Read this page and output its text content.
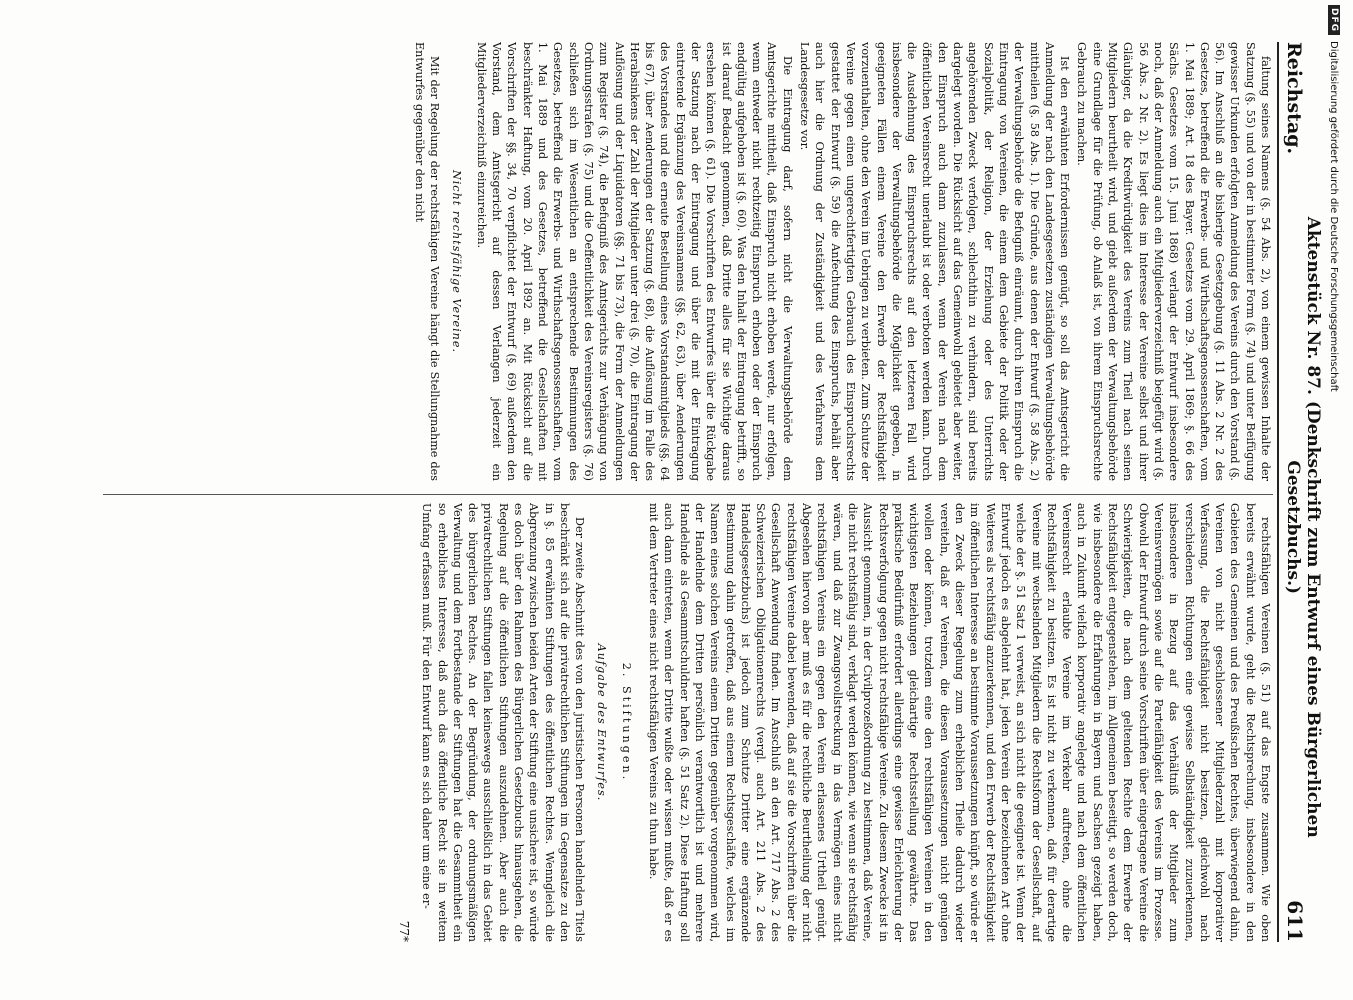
Reichstag.
Aktenstück Nr. 87. (Denkschrift zum Entwurf eines Bürgerlichen Gesetzbuchs.)
611

faltung seines Namens (§. 54 Abs. 2), von einem gewissen Inhalte der Satzung (§. 55) und von der in bestimmter Form (§. 74) und unter Beifügung gewisser Urkunden erfolgten Anmeldung des Vereins durch den Vorstand (§. 56). Im Anschluß an die bisherige Gesetzgebung (§. 11 Abs. 2 Nr. 2 des Gesetzes, betreffend die Erwerbs- und Wirthschaftsgenossenschaften, vom 1. Mai 1889; Art. 18 des Bayer. Gesetzes vom 29. April 1869; §. 66 des Sächs. Gesetzes vom 15. Juni 1868) verlangt der Entwurf insbesondere noch, daß der Anmeldung auch ein Mitgliederverzeichniß beigefügt wird (§. 56 Abs. 2 Nr. 2). Es liegt dies im Interesse der Vereine selbst und ihrer Gläubiger, da die Kreditwürdigkeit des Vereins zum Theil nach seinen Mitgliedern beurtheilt wird, und giebt außerdem der Verwaltungsbehörde eine Grundlage für die Prüfung, ob Anlaß ist, von ihrem Einspruchsrechte Gebrauch zu machen.

Ist den erwähnten Erfordernissen genügt, so soll das Amtsgericht die Anmeldung der nach den Landesgesetzen zuständigen Verwaltungsbehörde mittheilen (§. 58 Abs. 1). Die Gründe, aus denen der Entwurf (§. 58 Abs. 2) der Verwaltungsbehörde die Befugniß einräumt, durch ihren Einspruch die Eintragung von Vereinen, die einem dem Gebiete der Politik oder der Sozialpolitik, der Religion, der Erziehung oder des Unterrichts angehörenden Zweck verfolgen, schlechthin zu verhindern, sind bereits dargelegt worden. Die Rücksicht auf das Gemeinwohl gebietet aber weiter, den Einspruch auch dann zuzulassen, wenn der Verein nach dem öffentlichen Vereinsrecht unerlaubt ist oder verboten werden kann. Durch die Ausdehnung des Einspruchsrechts auf den letzteren Fall wird insbesondere der Verwaltungsbehörde die Möglichkeit gegeben, in geeigneten Fällen einem Vereine den Erwerb der Rechtsfähigkeit vorzuenthalten, ohne den Verein im Uebrigen zu verbieten. Zum Schutze der Vereine gegen einen ungerechtfertigten Gebrauch des Einspruchsrechts gestattet der Entwurf (§. 59) die Anfechtung des Einspruchs, behält aber auch hier die Ordnung der Zuständigkeit und des Verfahrens dem Landesgesetze vor.

Die Eintragung darf, sofern nicht die Verwaltungsbehörde dem Amtsgerichte mittheilt, daß Einspruch nicht erhoben werde, nur erfolgen, wenn entweder nicht rechtzeitig Einspruch erhoben oder der Einspruch endgültig aufgehoben ist (§. 60). Was den Inhalt der Eintragung betrifft, so ist darauf Bedacht genommen, daß Dritte alles für sie Wichtige daraus ersehen können (§. 61). Die Vorschriften des Entwurfes über die Rückgabe der Satzung nach der Eintragung und über die mit der Eintragung eintretende Ergänzung des Vereinsnamens (§§. 62, 63), über Aenderungen des Vorstandes und die erneute Bestellung eines Vorstandsmitglieds (§§. 64 bis 67), über Aenderungen der Satzung (§. 68), die Auflösung im Falle des Herabsinkens der Zahl der Mitglieder unter drei (§. 70), die Eintragung der Auflösung und der Liquidatoren (§§. 71 bis 73), die Form der Anmeldungen zum Register (§. 74), die Befugniß des Amtsgerichts zur Verhängung von Ordnungsstrafen (§. 75) und die Oeffentlichkeit des Vereinsregisters (§. 76) schließen sich im Wesentlichen an entsprechende Bestimmungen des Gesetzes, betreffend die Erwerbs- und Wirthschaftsgenossenschaften, vom 1. Mai 1889 und des Gesetzes, betreffend die Gesellschaften mit beschränkter Haftung, vom 20. April 1892 an. Mit Rücksicht auf die Vorschriften der §§. 34, 70 verpflichtet der Entwurf (§. 69) außerdem den Vorstand, dem Amtsgericht auf dessen Verlangen jederzeit ein Mitgliederverzeichniß einzureichen.

Nicht rechtsfähige Vereine.

Mit der Regelung der rechtsfähigen Vereine hängt die Stellungnahme des Entwurfes gegenüber den nicht

rechtsfähigen Vereinen (§. 51) auf das Engste zusammen. Wie oben bereits erwähnt wurde, geht die Rechtsprechung, insbesondere in den Gebieten des Gemeinen und des Preußischen Rechtes, überwiegend dahin, Vereinen von nicht geschlossener Mitgliederzahl mit korporativer Verfassung, die Rechtsfähigkeit nicht besitzen, gleichwohl nach verschiedenen Richtungen eine gewisse Selbständigkeit zuzuerkennen, insbesondere in Bezug auf das Verhältniß der Mitglieder zum Vereinsvermögen sowie auf die Parteifähigkeit des Vereins im Prozesse. Obwohl der Entwurf durch seine Vorschriften über eingetragene Vereine die Schwierigkeiten, die nach dem geltenden Rechte dem Erwerbe der Rechtsfähigkeit entgegenstehen, im Allgemeinen beseitigt, so werden doch, wie insbesondere die Erfahrungen in Bayern und Sachsen gezeigt haben, auch in Zukunft vielfach korporativ angelegte und nach dem öffentlichen Vereinsrecht erlaubte Vereine im Verkehr auftreten, ohne die Rechtsfähigkeit zu besitzen. Es ist nicht zu verkennen, daß für derartige Vereine mit wechselnden Mitgliedern die Rechtsform der Gesellschaft, auf welche der §. 51 Satz 1 verweist, an sich nicht die geeignete ist. Wenn der Entwurf jedoch es abgelehnt hat, jeden Verein der bezeichneten Art ohne Weiteres als rechtsfähig anzuerkennen, und den Erwerb der Rechtsfähigkeit im öffentlichen Interesse an bestimmte Voraussetzungen knüpft, so würde er den Zweck dieser Regelung zum erheblichen Theile dadurch wieder vereiteln, daß er Vereinen, die diesen Voraussetzungen nicht genügen wollen oder können, trotzdem eine den rechtsfähigen Vereinen in den wichtigsten Beziehungen gleichartige Rechtsstellung gewährte. Das praktische Bedürfniß erfordert allerdings eine gewisse Erleichterung der Rechtsverfolgung gegen nicht rechtsfähige Vereine. Zu diesem Zwecke ist in Aussicht genommen, in der Civilprozeßordnung zu bestimmen, daß Vereine, die nicht rechtsfähig sind, verklagt werden können, wie wenn sie rechtsfähig wären, und daß zur Zwangsvollstreckung in das Vermögen eines nicht rechtsfähigen Vereins ein gegen den Verein erlassenes Urtheil genügt. Abgesehen hiervon aber muß es für die rechtliche Beurtheilung der nicht rechtsfähigen Vereine dabei bewenden, daß auf sie die Vorschriften über die Gesellschaft Anwendung finden. Im Anschluß an den Art. 717 Abs. 2 des Schweizerischen Obligationenrechts (vergl. auch Art. 211 Abs. 2 des Handelsgesetzbuchs) ist jedoch zum Schutze Dritter eine ergänzende Bestimmung dahin getroffen, daß aus einem Rechtsgeschäfte, welches im Namen eines solchen Vereins einem Dritten gegenüber vorgenommen wird, der Handelnde dem Dritten persönlich verantwortlich ist und mehrere Handelnde als Gesammtschuldner haften (§. 51 Satz 2). Diese Haftung soll auch dann eintreten, wenn der Dritte wußte oder wissen mußte, daß er es mit dem Vertreter eines nicht rechtsfähigen Vereins zu thun habe.

2. Stiftungen.

Aufgabe des Entwurfes.

Der zweite Abschnitt des von den juristischen Personen handelnden Titels beschränkt sich auf die privatrechtlichen Stiftungen im Gegensatze zu den in §. 85 erwähnten Stiftungen des öffentlichen Rechtes. Wenngleich die Abgrenzung zwischen beiden Arten der Stiftung eine unsichere ist, so würde es doch über den Rahmen des Bürgerlichen Gesetzbuchs hinausgehen, die Regelung auf die öffentlichen Stiftungen auszudehnen. Aber auch die privatrechtlichen Stiftungen fallen keineswegs ausschließlich in das Gebiet des bürgerlichen Rechtes. An der Begründung, der ordnungsmäßigen Verwaltung und dem Fortbestande der Stiftungen hat die Gesammtheit ein so erhebliches Interesse, daß auch das öffentliche Recht sie in weitem Umfang erfassen muß. Für den Entwurf kann es sich daher um eine er-

77*

DFG
Digitalisierung gefördert durch die Deutsche Forschungsgemeinschaft
